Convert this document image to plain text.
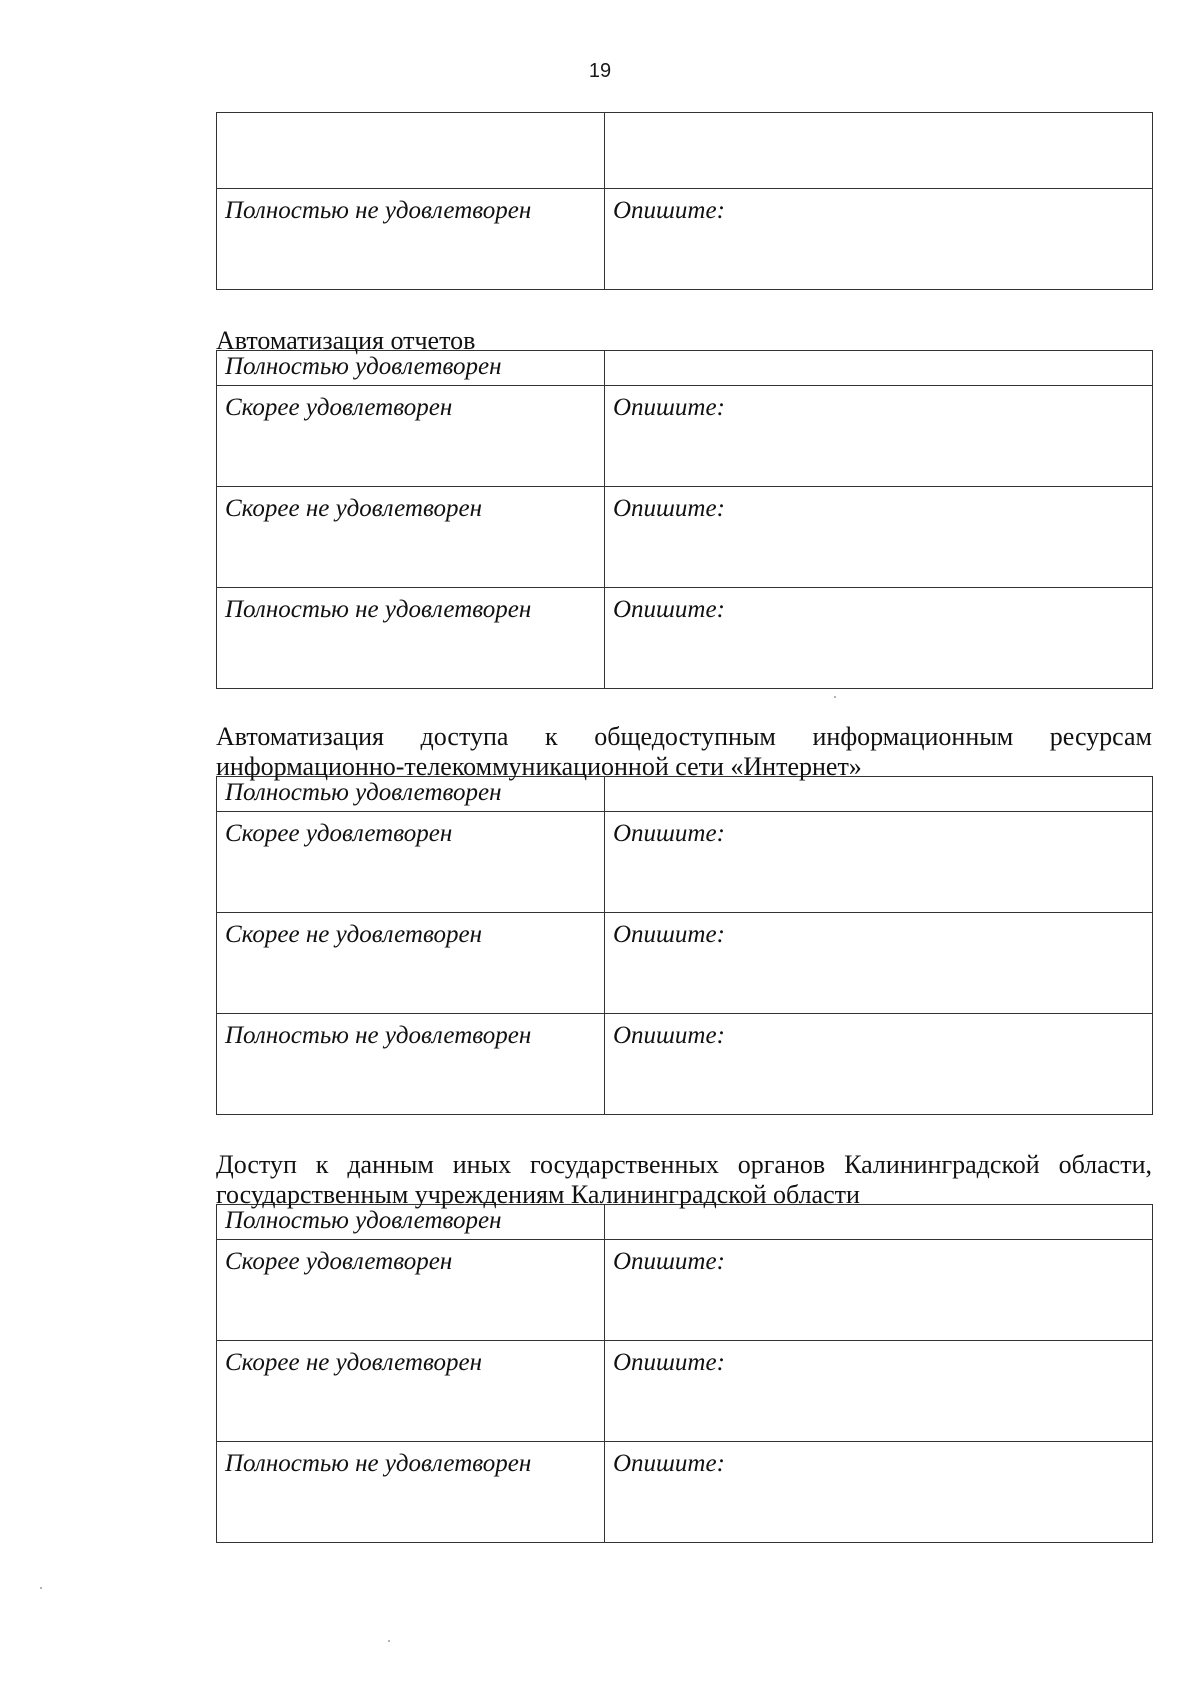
19

Полностью не удовлетворен	Опишите:

Автоматизация отчетов

Полностью удовлетворен	
Скорее удовлетворен	Опишите:
Скорее не удовлетворен	Опишите:
Полностью не удовлетворен	Опишите:

Автоматизация доступа к общедоступным информационным ресурсам информационно-телекоммуникационной сети «Интернет»

Полностью удовлетворен	
Скорее удовлетворен	Опишите:
Скорее не удовлетворен	Опишите:
Полностью не удовлетворен	Опишите:

Доступ к данным иных государственных органов Калининградской области, государственным учреждениям Калининградской области

Полностью удовлетворен	
Скорее удовлетворен	Опишите:
Скорее не удовлетворен	Опишите:
Полностью не удовлетворен	Опишите:
